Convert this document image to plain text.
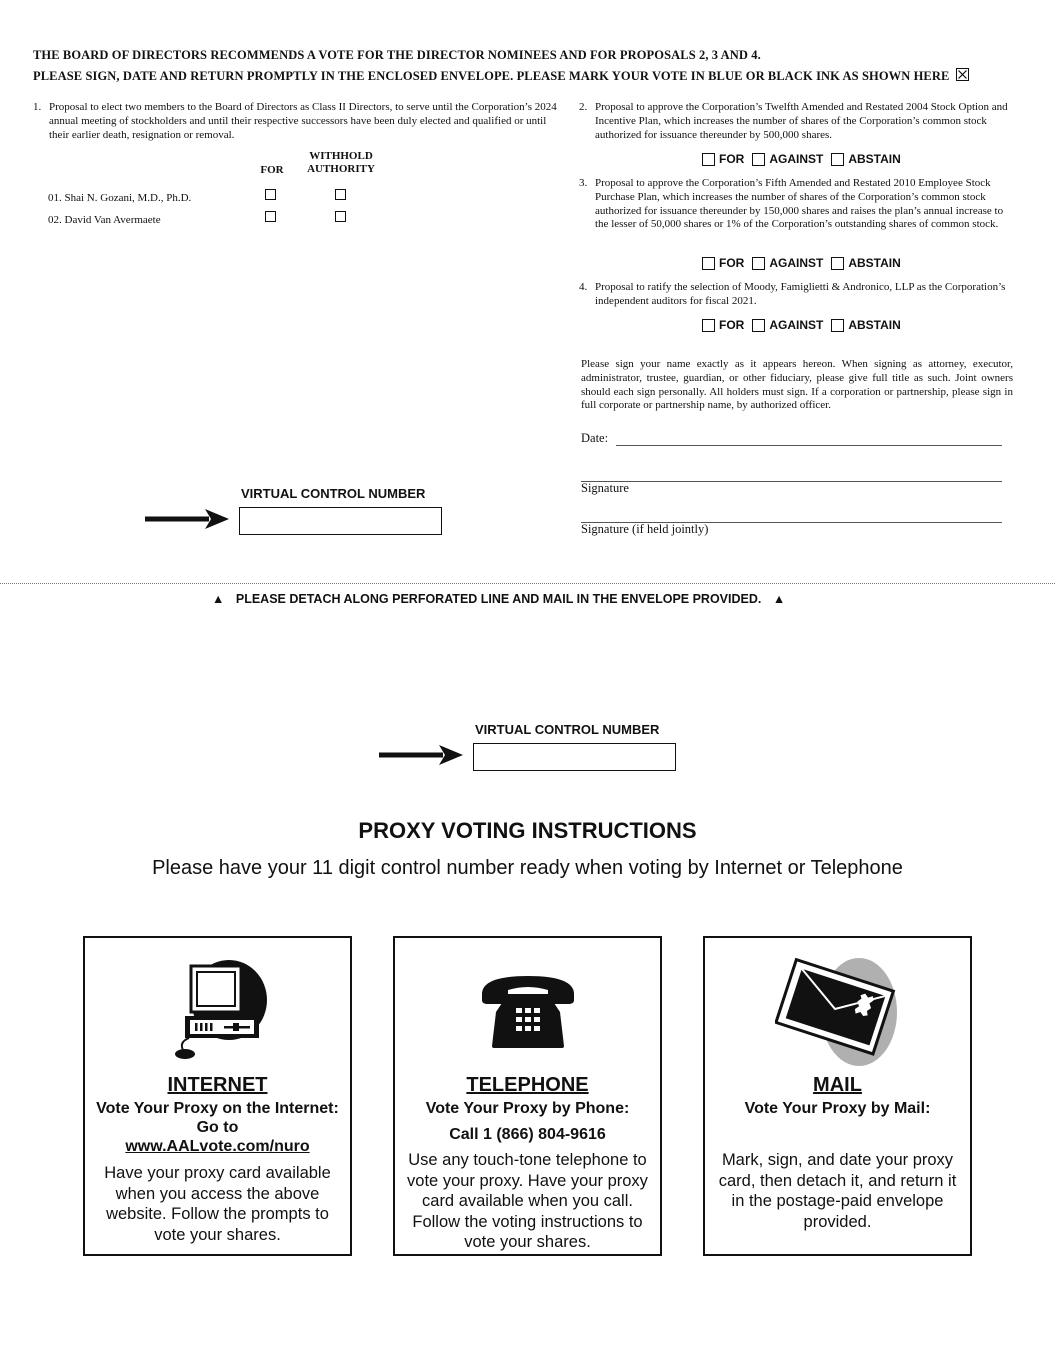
THE BOARD OF DIRECTORS RECOMMENDS A VOTE FOR THE DIRECTOR NOMINEES AND FOR PROPOSALS 2, 3 AND 4.
PLEASE SIGN, DATE AND RETURN PROMPTLY IN THE ENCLOSED ENVELOPE. PLEASE MARK YOUR VOTE IN BLUE OR BLACK INK AS SHOWN HERE
1. Proposal to elect two members to the Board of Directors as Class II Directors, to serve until the Corporation’s 2024 annual meeting of stockholders and until their respective successors have been duly elected and qualified or until their earlier death, resignation or removal.
FOR
WITHHOLD AUTHORITY
01. Shai N. Gozani, M.D., Ph.D.
02. David Van Avermaete
2. Proposal to approve the Corporation’s Twelfth Amended and Restated 2004 Stock Option and Incentive Plan, which increases the number of shares of the Corporation’s common stock authorized for issuance thereunder by 500,000 shares.
FOR AGAINST ABSTAIN
3. Proposal to approve the Corporation’s Fifth Amended and Restated 2010 Employee Stock Purchase Plan, which increases the number of shares of the Corporation’s common stock authorized for issuance thereunder by 150,000 shares and raises the plan’s annual increase to the lesser of 50,000 shares or 1% of the Corporation’s outstanding shares of common stock.
FOR AGAINST ABSTAIN
4. Proposal to ratify the selection of Moody, Famiglietti & Andronico, LLP as the Corporation’s independent auditors for fiscal 2021.
FOR AGAINST ABSTAIN
Please sign your name exactly as it appears hereon. When signing as attorney, executor, administrator, trustee, guardian, or other fiduciary, please give full title as such. Joint owners should each sign personally. All holders must sign. If a corporation or partnership, please sign in full corporate or partnership name, by authorized officer.
Date:
Signature
Signature (if held jointly)
VIRTUAL CONTROL NUMBER
▲ PLEASE DETACH ALONG PERFORATED LINE AND MAIL IN THE ENVELOPE PROVIDED. ▲
VIRTUAL CONTROL NUMBER
PROXY VOTING INSTRUCTIONS
Please have your 11 digit control number ready when voting by Internet or Telephone
INTERNET
Vote Your Proxy on the Internet:
Go to
www.AALvote.com/nuro
Have your proxy card available when you access the above website. Follow the prompts to vote your shares.
TELEPHONE
Vote Your Proxy by Phone:
Call 1 (866) 804-9616
Use any touch-tone telephone to vote your proxy. Have your proxy card available when you call. Follow the voting instructions to vote your shares.
MAIL
Vote Your Proxy by Mail:
Mark, sign, and date your proxy card, then detach it, and return it in the postage-paid envelope provided.
